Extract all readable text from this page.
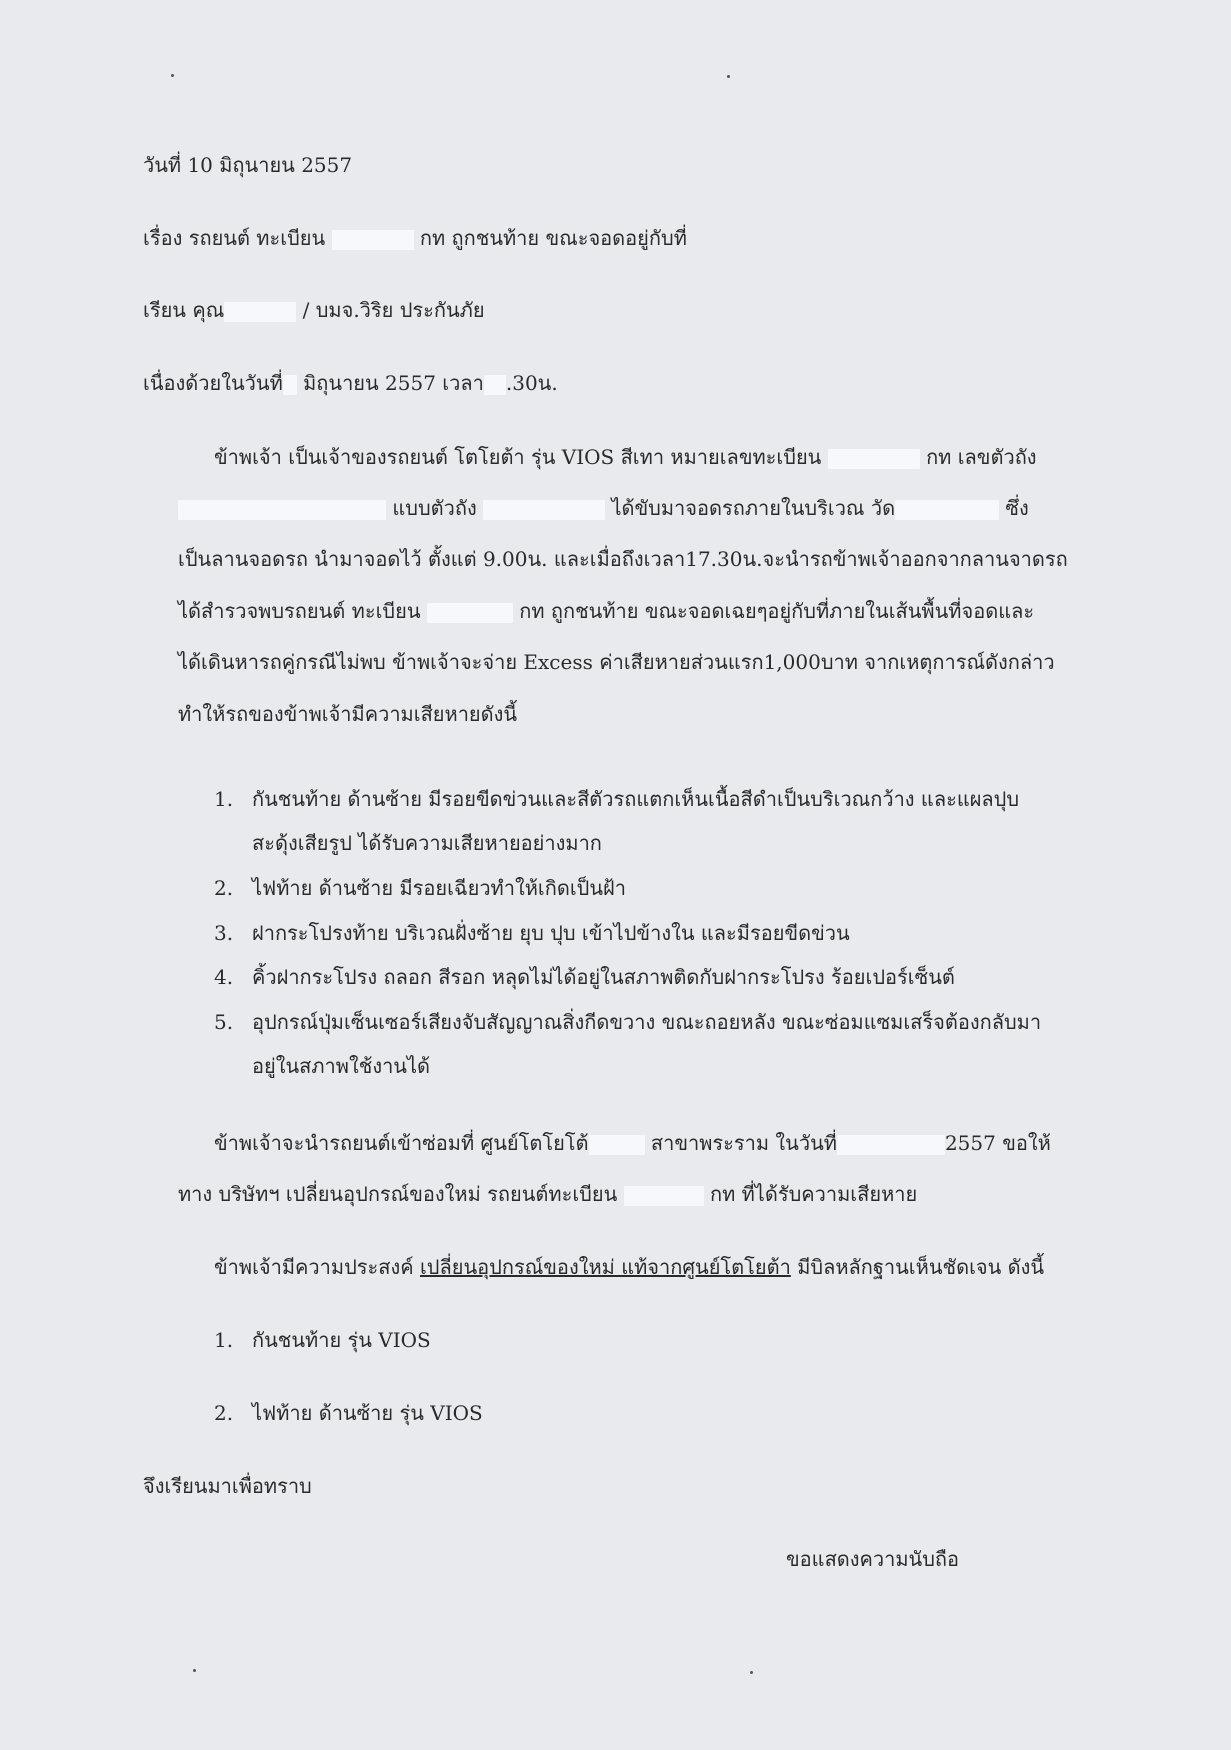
วันที่ 10 มิถุนายน 2557
เรื่อง รถยนต์ ทะเบียน	กท ถูกชนท้าย ขณะจอดอยู่กับที่
เรียน คุณ	/ บมจ.วิริย ประกันภัย
เนื่องด้วยในวันที่ มิถุนายน 2557 เวลา .30น.
ข้าพเจ้า เป็นเจ้าของรถยนต์ โตโยต้า รุ่น VIOS สีเทา หมายเลขทะเบียน	กท เลขตัวถัง
แบบตัวถัง	ได้ขับมาจอดรถภายในบริเวณ วัด	ซึ่ง
เป็นลานจอดรถ นำมาจอดไว้ ตั้งแต่ 9.00น. และเมื่อถึงเวลา17.30น.จะนำรถข้าพเจ้าออกจากลานจาดรถ
ได้สำรวจพบรถยนต์ ทะเบียน	กท ถูกชนท้าย ขณะจอดเฉยๆอยู่กับที่ภายในเส้นพื้นที่จอดและ
ได้เดินหารถคู่กรณีไม่พบ ข้าพเจ้าจะจ่าย Excess ค่าเสียหายส่วนแรก1,000บาท จากเหตุการณ์ดังกล่าว
ทำให้รถของข้าพเจ้ามีความเสียหายดังนี้
1. กันชนท้าย ด้านซ้าย มีรอยขีดข่วนและสีตัวรถแตกเห็นเนื้อสีดำเป็นบริเวณกว้าง และแผลปุบ
สะดุ้งเสียรูป ได้รับความเสียหายอย่างมาก
2. ไฟท้าย ด้านซ้าย มีรอยเฉียวทำให้เกิดเป็นฝ้า
3. ฝากระโปรงท้าย บริเวณฝั่งซ้าย ยุบ ปุบ เข้าไปข้างใน และมีรอยขีดข่วน
4. คิ้วฝากระโปรง ถลอก สีรอก หลุดไม่ได้อยู่ในสภาพติดกับฝากระโปรง ร้อยเปอร์เซ็นต์
5. อุปกรณ์ปุ่มเซ็นเซอร์เสียงจับสัญญาณสิ่งกีดขวาง ขณะถอยหลัง ขณะซ่อมแซมเสร็จต้องกลับมา
อยู่ในสภาพใช้งานได้
ข้าพเจ้าจะนำรถยนต์เข้าซ่อมที่ ศูนย์โตโยโต้	สาขาพระราม ในวันที่	2557 ขอให้
ทาง บริษัทฯ เปลี่ยนอุปกรณ์ของใหม่ รถยนต์ทะเบียน	กท ที่ได้รับความเสียหาย
ข้าพเจ้ามีความประสงค์ เปลี่ยนอุปกรณ์ของใหม่ แท้จากศูนย์โตโยต้า มีบิลหลักฐานเห็นชัดเจน ดังนี้
1. กันชนท้าย รุ่น VIOS
2. ไฟท้าย ด้านซ้าย รุ่น VIOS
จึงเรียนมาเพื่อทราบ
ขอแสดงความนับถือ
